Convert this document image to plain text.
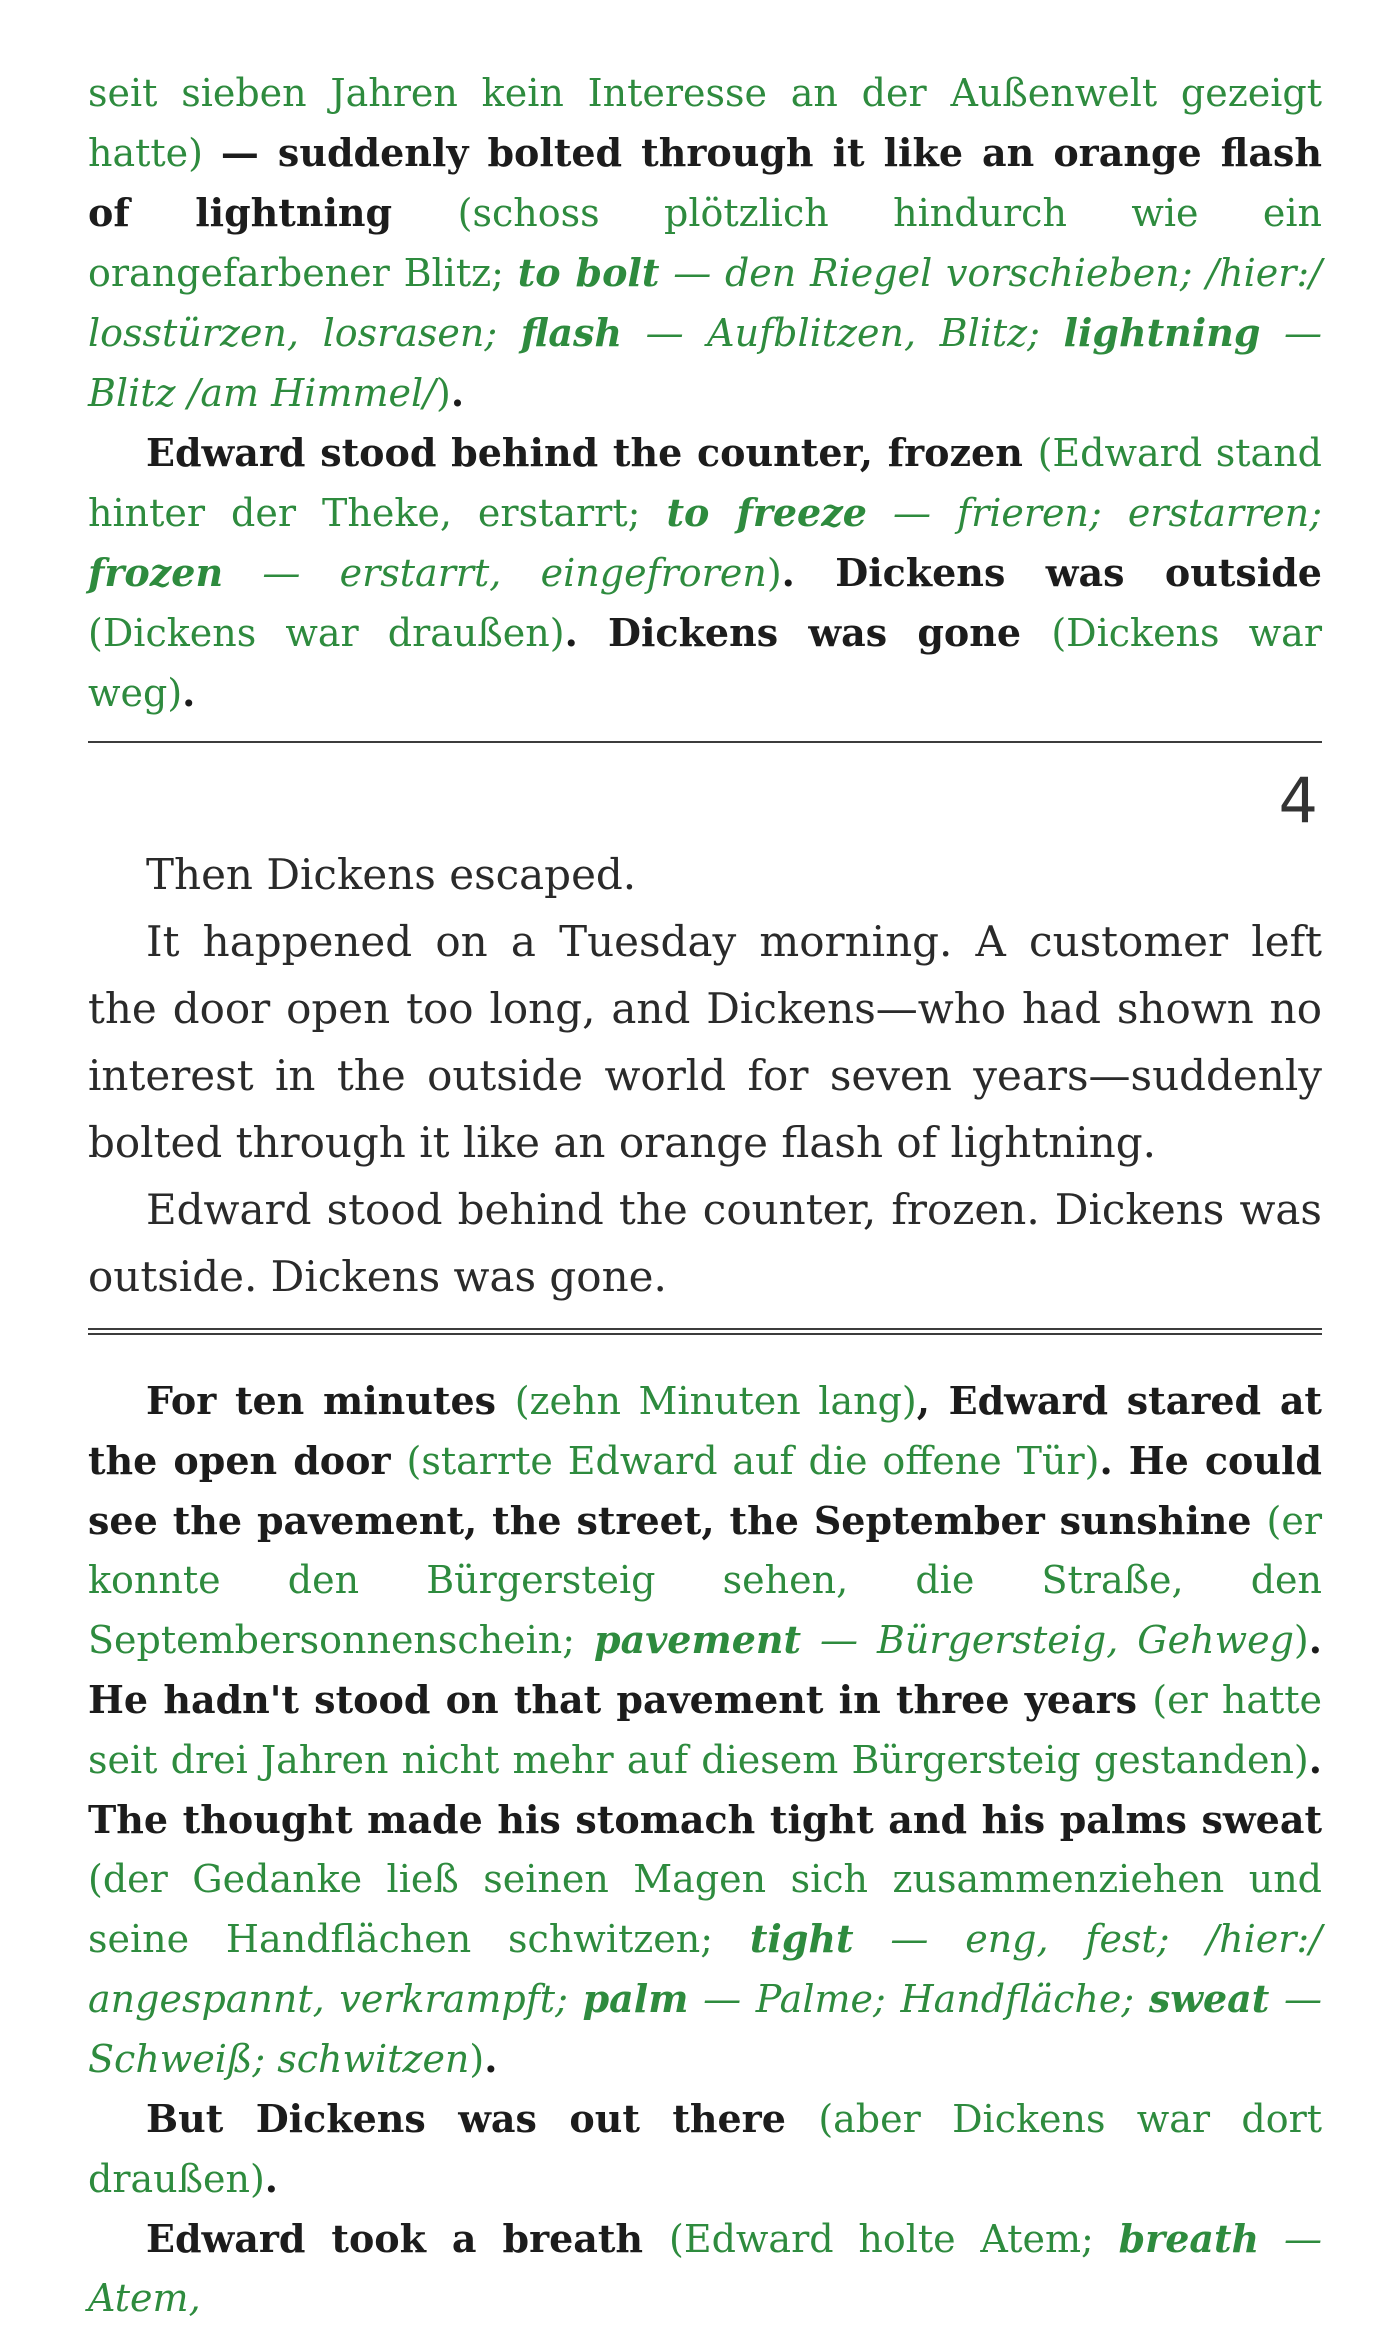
seit sieben Jahren kein Interesse an der Außenwelt gezeigt hatte) — suddenly bolted through it like an orange flash of lightning (schoss plötzlich hindurch wie ein orangefarbener Blitz; to bolt — den Riegel vorschieben; /hier:/ losstürzen, losrasen; flash — Aufblitzen, Blitz; lightning — Blitz /am Himmel/).

Edward stood behind the counter, frozen (Edward stand hinter der Theke, erstarrt; to freeze — frieren; erstarren; frozen — erstarrt, eingefroren). Dickens was outside (Dickens war draußen). Dickens was gone (Dickens war weg).

4

Then Dickens escaped.

It happened on a Tuesday morning. A customer left the door open too long, and Dickens—who had shown no interest in the outside world for seven years—suddenly bolted through it like an orange flash of lightning.

Edward stood behind the counter, frozen. Dickens was outside. Dickens was gone.

For ten minutes (zehn Minuten lang), Edward stared at the open door (starrte Edward auf die offene Tür). He could see the pavement, the street, the September sunshine (er konnte den Bürgersteig sehen, die Straße, den Septembersonnenschein; pavement — Bürgersteig, Gehweg). He hadn't stood on that pavement in three years (er hatte seit drei Jahren nicht mehr auf diesem Bürgersteig gestanden). The thought made his stomach tight and his palms sweat (der Gedanke ließ seinen Magen sich zusammenziehen und seine Handflächen schwitzen; tight — eng, fest; /hier:/ angespannt, verkrampft; palm — Palme; Handfläche; sweat — Schweiß; schwitzen).

But Dickens was out there (aber Dickens war dort draußen).

Edward took a breath (Edward holte Atem; breath — Atem,
